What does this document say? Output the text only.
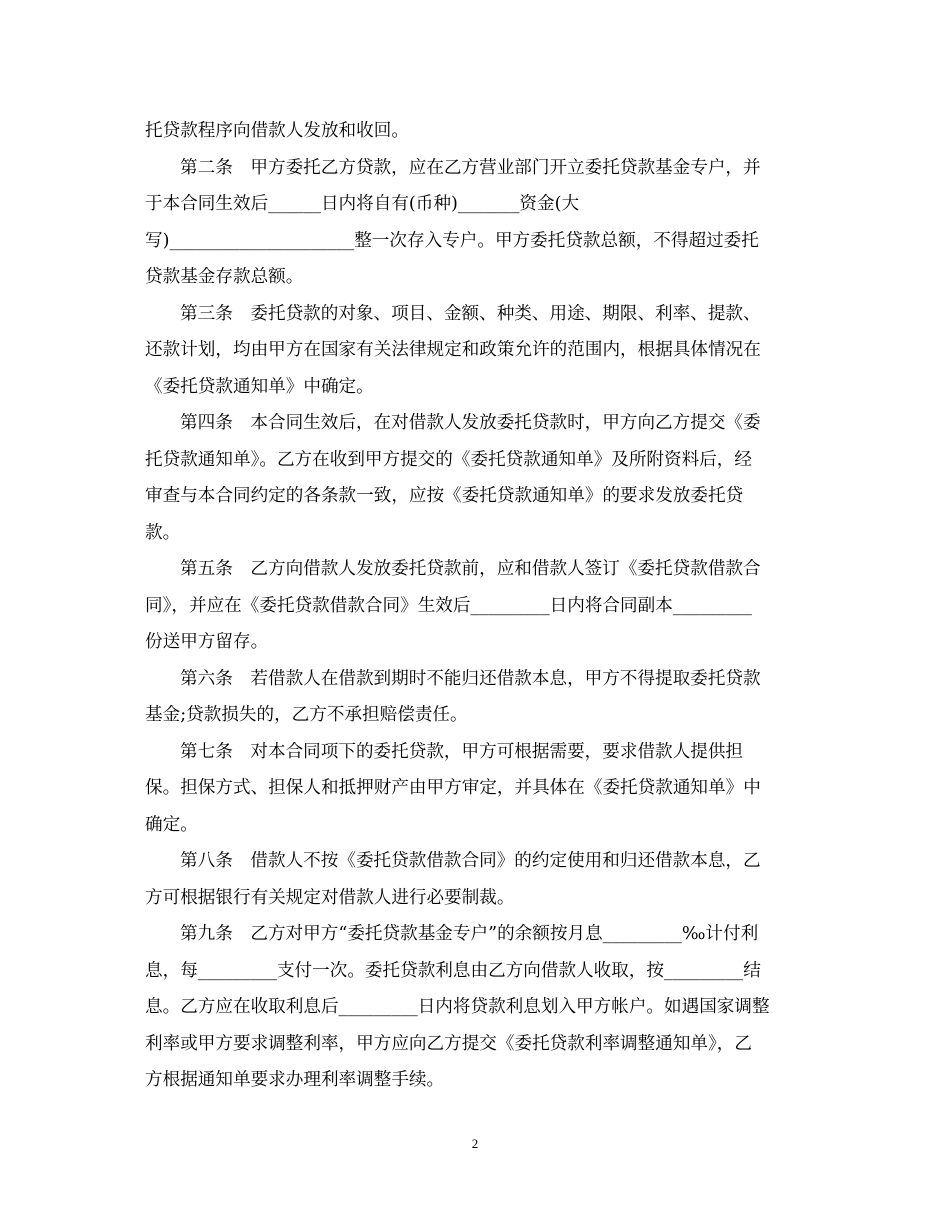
托贷款程序向借款人发放和收回。
第二条　甲方委托乙方贷款，应在乙方营业部门开立委托贷款基金专户，并
于本合同生效后______日内将自有(币种)_______资金(大
写)_____________________整一次存入专户。甲方委托贷款总额，不得超过委托
贷款基金存款总额。
第三条　委托贷款的对象、项目、金额、种类、用途、期限、利率、提款、
还款计划，均由甲方在国家有关法律规定和政策允许的范围内，根据具体情况在
《委托贷款通知单》中确定。
第四条　本合同生效后，在对借款人发放委托贷款时，甲方向乙方提交《委
托贷款通知单》。乙方在收到甲方提交的《委托贷款通知单》及所附资料后，经
审查与本合同约定的各条款一致，应按《委托贷款通知单》的要求发放委托贷
款。
第五条　乙方向借款人发放委托贷款前，应和借款人签订《委托贷款借款合
同》，并应在《委托贷款借款合同》生效后_________日内将合同副本_________
份送甲方留存。
第六条　若借款人在借款到期时不能归还借款本息，甲方不得提取委托贷款
基金;贷款损失的，乙方不承担赔偿责任。
第七条　对本合同项下的委托贷款，甲方可根据需要，要求借款人提供担
保。担保方式、担保人和抵押财产由甲方审定，并具体在《委托贷款通知单》中
确定。
第八条　借款人不按《委托贷款借款合同》的约定使用和归还借款本息，乙
方可根据银行有关规定对借款人进行必要制裁。
第九条　乙方对甲方“委托贷款基金专户”的余额按月息_________‰计付利
息，每_________支付一次。委托贷款利息由乙方向借款人收取，按_________结
息。乙方应在收取利息后_________日内将贷款利息划入甲方帐户。如遇国家调整
利率或甲方要求调整利率，甲方应向乙方提交《委托贷款利率调整通知单》，乙
方根据通知单要求办理利率调整手续。
2
